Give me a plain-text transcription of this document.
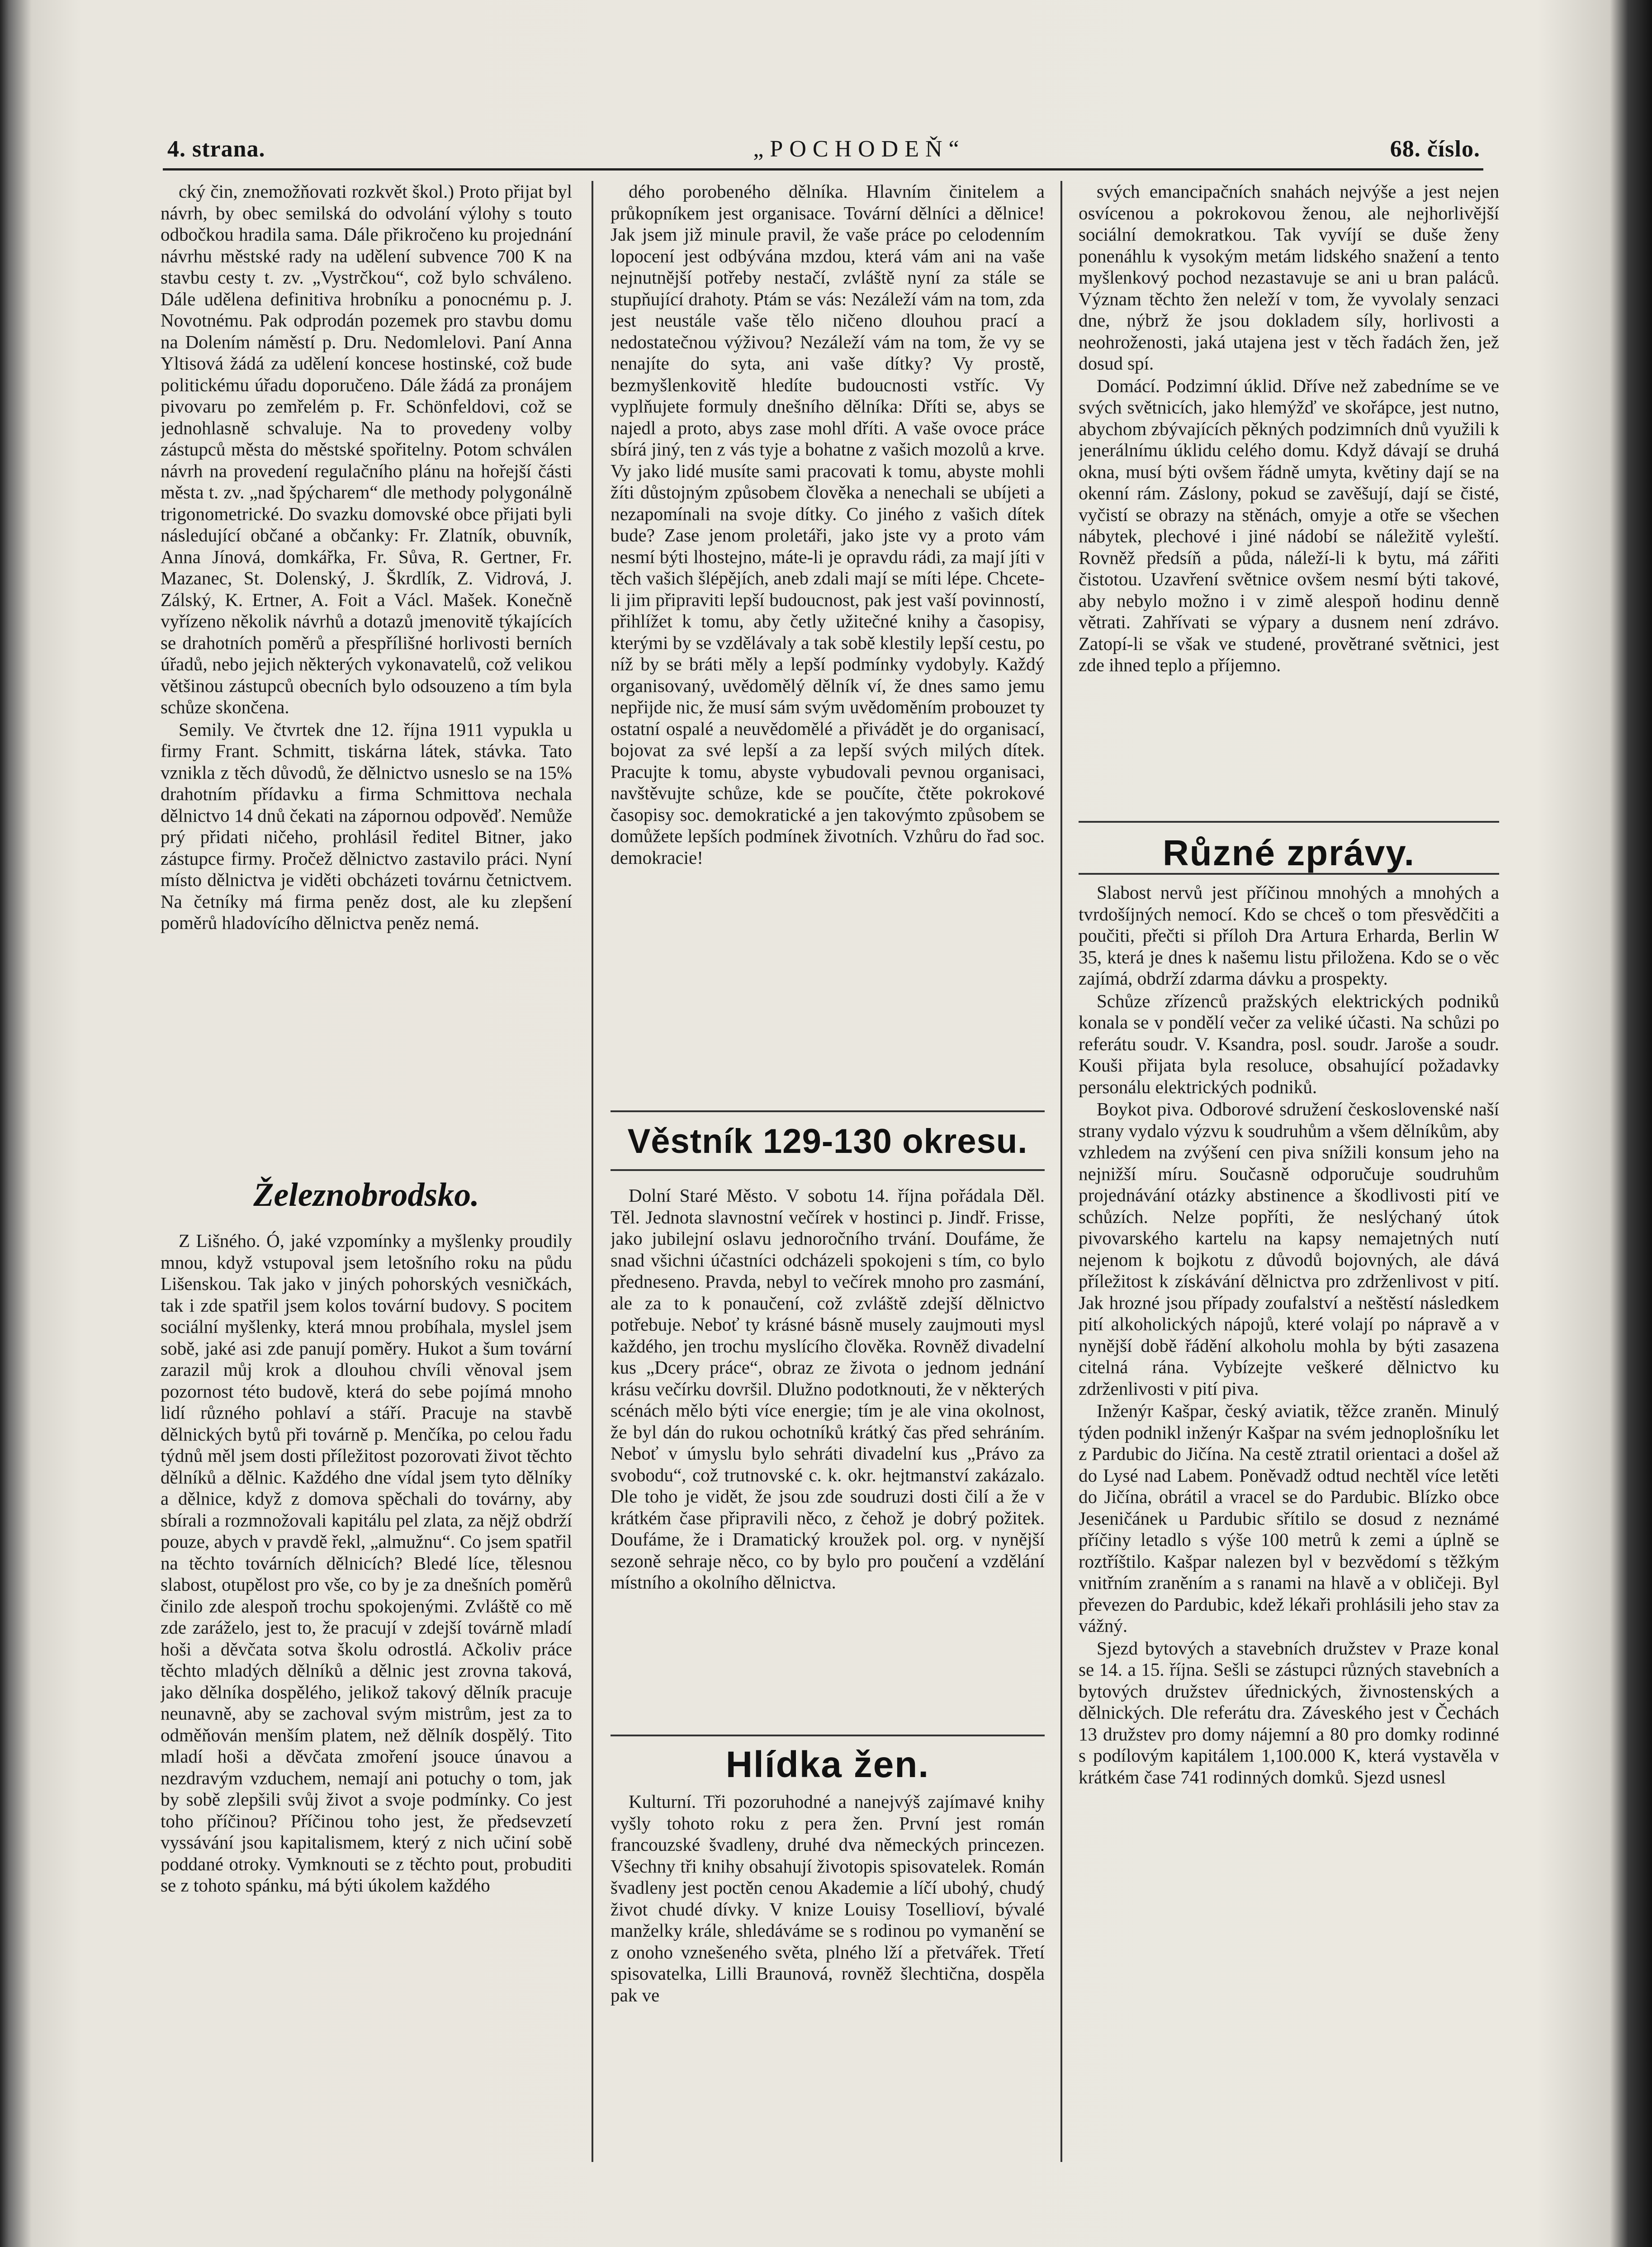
4. strana.	„POCHODEŇ“	68. číslo.

cký čin, znemožňovati rozkvět škol.) Proto přijat byl návrh, by obec semilská do odvolání výlohy s touto odbočkou hradila sama. Dále přikročeno ku projednání návrhu městské rady na udělení subvence 700 K na stavbu cesty t. zv. „Vystrčkou“, což bylo schváleno. Dále udělena definitiva hrobníku a ponocnému p. J. Novotnému. Pak odprodán pozemek pro stavbu domu na Dolením náměstí p. Dru. Nedomlelovi. Paní Anna Yltisová žádá za udělení koncese hostinské, což bude politickému úřadu doporučeno. Dále žádá za pronájem pivovaru po zemřelém p. Fr. Schönfeldovi, což se jednohlasně schvaluje. Na to provedeny volby zástupců města do městské spořitelny. Potom schválen návrh na provedení regulačního plánu na hořejší části města t. zv. „nad špýcharem“ dle methody polygonálně trigonometrické. Do svazku domovské obce přijati byli následující občané a občanky: Fr. Zlatník, obuvník, Anna Jínová, domkářka, Fr. Sůva, R. Gertner, Fr. Mazanec, St. Dolenský, J. Škrdlík, Z. Vidrová, J. Zálský, K. Ertner, A. Foit a Václ. Mašek. Konečně vyřízeno několik návrhů a dotazů jmenovitě týkajících se drahotních poměrů a přespřílišné horlivosti berních úřadů, nebo jejich některých vykonavatelů, což velikou většinou zástupců obecních bylo odsouzeno a tím byla schůze skončena.

Semily. Ve čtvrtek dne 12. října 1911 vypukla u firmy Frant. Schmitt, tiskárna látek, stávka. Tato vznikla z těch důvodů, že dělnictvo usneslo se na 15% drahotním přídavku a firma Schmittova nechala dělnictvo 14 dnů čekati na zápornou odpověď. Nemůže prý přidati ničeho, prohlásil ředitel Bitner, jako zástupce firmy. Pročež dělnictvo zastavilo práci. Nyní místo dělnictva je viděti obcházeti továrnu četnictvem. Na četníky má firma peněz dost, ale ku zlepšení poměrů hladovícího dělnictva peněz nemá.

Železnobrodsko.

Z Lišného. Ó, jaké vzpomínky a myšlenky proudily mnou, když vstupoval jsem letošního roku na půdu Lišenskou. Tak jako v jiných pohorských vesničkách, tak i zde spatřil jsem kolos tovární budovy. S pocitem sociální myšlenky, která mnou probíhala, myslel jsem sobě, jaké asi zde panují poměry. Hukot a šum tovární zarazil můj krok a dlouhou chvíli věnoval jsem pozornost této budově, která do sebe pojímá mnoho lidí různého pohlaví a stáří. Pracuje na stavbě dělnických bytů při továrně p. Menčíka, po celou řadu týdnů měl jsem dosti příležitost pozorovati život těchto dělníků a dělnic. Každého dne vídal jsem tyto dělníky a dělnice, když z domova spěchali do továrny, aby sbírali a rozmnožovali kapitálu pel zlata, za nějž obdrží pouze, abych v pravdě řekl, „almužnu“. Co jsem spatřil na těchto továrních dělnicích? Bledé líce, tělesnou slabost, otupělost pro vše, co by je za dnešních poměrů činilo zde alespoň trochu spokojenými. Zvláště co mě zde zaráželo, jest to, že pracují v zdejší továrně mladí hoši a děvčata sotva školu odrostlá. Ačkoliv práce těchto mladých dělníků a dělnic jest zrovna taková, jako dělníka dospělého, jelikož takový dělník pracuje neunavně, aby se zachoval svým mistrům, jest za to odměňován menším platem, než dělník dospělý. Tito mladí hoši a děvčata zmoření jsouce únavou a nezdravým vzduchem, nemají ani potuchy o tom, jak by sobě zlepšili svůj život a svoje podmínky. Co jest toho příčinou? Příčinou toho jest, že předsevzetí vyssávání jsou kapitalismem, který z nich učiní sobě poddané otroky. Vymknouti se z těchto pout, probuditi se z tohoto spánku, má býti úkolem každého

dého porobeného dělníka. Hlavním činitelem a průkopníkem jest organisace. Tovární dělníci a dělnice! Jak jsem již minule pravil, že vaše práce po celodenním lopocení jest odbývána mzdou, která vám ani na vaše nejnutnější potřeby nestačí, zvláště nyní za stále se stupňující drahoty. Ptám se vás: Nezáleží vám na tom, zda jest neustále vaše tělo ničeno dlouhou prací a nedostatečnou výživou? Nezáleží vám na tom, že vy se nenajíte do syta, ani vaše dítky? Vy prostě, bezmyšlenkovitě hledíte budoucnosti vstříc. Vy vyplňujete formuly dnešního dělníka: Dříti se, abys se najedl a proto, abys zase mohl dříti. A vaše ovoce práce sbírá jiný, ten z vás tyje a bohatne z vašich mozolů a krve. Vy jako lidé musíte sami pracovati k tomu, abyste mohli žíti důstojným způsobem člověka a nenechali se ubíjeti a nezapomínali na svoje dítky. Co jiného z vašich dítek bude? Zase jenom proletáři, jako jste vy a proto vám nesmí býti lhostejno, máte-li je opravdu rádi, za mají jíti v těch vašich šlépějích, aneb zdali mají se míti lépe. Chcete-li jim připraviti lepší budoucnost, pak jest vaší povinností, přihlížet k tomu, aby četly užitečné knihy a časopisy, kterými by se vzdělávaly a tak sobě klestily lepší cestu, po níž by se bráti měly a lepší podmínky vydobyly. Každý organisovaný, uvědomělý dělník ví, že dnes samo jemu nepřijde nic, že musí sám svým uvědoměním probouzet ty ostatní ospalé a neuvědomělé a přivádět je do organisací, bojovat za své lepší a za lepší svých milých dítek. Pracujte k tomu, abyste vybudovali pevnou organisaci, navštěvujte schůze, kde se poučíte, čtěte pokrokové časopisy soc. demokratické a jen takovýmto způsobem se domůžete lepších podmínek životních. Vzhůru do řad soc. demokracie!

Věstník 129-130 okresu.

Dolní Staré Město. V sobotu 14. října pořádala Děl. Těl. Jednota slavnostní večírek v hostinci p. Jindř. Frisse, jako jubilejní oslavu jednoročního trvání. Doufáme, že snad všichni účastníci odcházeli spokojeni s tím, co bylo předneseno. Pravda, nebyl to večírek mnoho pro zasmání, ale za to k ponaučení, což zvláště zdejší dělnictvo potřebuje. Neboť ty krásné básně musely zaujmouti mysl každého, jen trochu myslícího člověka. Rovněž divadelní kus „Dcery práce“, obraz ze života o jednom jednání krásu večírku dovršil. Dlužno podotknouti, že v některých scénách mělo býti více energie; tím je ale vina okolnost, že byl dán do rukou ochotníků krátký čas před sehráním. Neboť v úmyslu bylo sehráti divadelní kus „Právo za svobodu“, což trutnovské c. k. okr. hejtmanství zakázalo. Dle toho je vidět, že jsou zde soudruzi dosti čilí a že v krátkém čase připravili něco, z čehož je dobrý požitek. Doufáme, že i Dramatický kroužek pol. org. v nynější sezoně sehraje něco, co by bylo pro poučení a vzdělání místního a okolního dělnictva.

Hlídka žen.

Kulturní. Tři pozoruhodné a nanejvýš zajímavé knihy vyšly tohoto roku z pera žen. První jest román francouzské švadleny, druhé dva německých princezen. Všechny tři knihy obsahují životopis spisovatelek. Román švadleny jest poctěn cenou Akademie a líčí ubohý, chudý život chudé dívky. V knize Louisy Tosellioví, bývalé manželky krále, shledáváme se s rodinou po vymanění se z onoho vznešeného světa, plného lží a přetvářek. Třetí spisovatelka, Lilli Braunová, rovněž šlechtična, dospěla pak ve

svých emancipačních snahách nejvýše a jest nejen osvícenou a pokrokovou ženou, ale nejhorlivější sociální demokratkou. Tak vyvíjí se duše ženy ponenáhlu k vysokým metám lidského snažení a tento myšlenkový pochod nezastavuje se ani u bran paláců. Význam těchto žen neleží v tom, že vyvolaly senzaci dne, nýbrž že jsou dokladem síly, horlivosti a neohroženosti, jaká utajena jest v těch řadách žen, jež dosud spí.

Domácí. Podzimní úklid. Dříve než zabedníme se ve svých světnicích, jako hlemýžď ve skořápce, jest nutno, abychom zbývajících pěkných podzimních dnů využili k jenerálnímu úklidu celého domu. Když dávají se druhá okna, musí býti ovšem řádně umyta, květiny dají se na okenní rám. Záslony, pokud se zavěšují, dají se čisté, vyčistí se obrazy na stěnách, omyje a otře se všechen nábytek, plechové i jiné nádobí se náležitě vyleští. Rovněž předsíň a půda, náleží-li k bytu, má zářiti čistotou. Uzavření světnice ovšem nesmí býti takové, aby nebylo možno i v zimě alespoň hodinu denně větrati. Zahřívati se výpary a dusnem není zdrávo. Zatopí-li se však ve studené, provětrané světnici, jest zde ihned teplo a příjemno.

Různé zprávy.

Slabost nervů jest příčinou mnohých a mnohých a tvrdošíjných nemocí. Kdo se chceš o tom přesvědčiti a poučiti, přečti si příloh Dra Artura Erharda, Berlin W 35, která je dnes k našemu listu přiložena. Kdo se o věc zajímá, obdrží zdarma dávku a prospekty.

Schůze zřízenců pražských elektrických podniků konala se v pondělí večer za veliké účasti. Na schůzi po referátu soudr. V. Ksandra, posl. soudr. Jaroše a soudr. Kouši přijata byla resoluce, obsahující požadavky personálu elektrických podniků.

Boykot piva. Odborové sdružení československé naší strany vydalo výzvu k soudruhům a všem dělníkům, aby vzhledem na zvýšení cen piva snížili konsum jeho na nejnižší míru. Současně odporučuje soudruhům projednávání otázky abstinence a škodlivosti pití ve schůzích. Nelze popříti, že neslýchaný útok pivovarského kartelu na kapsy nemajetných nutí nejenom k bojkotu z důvodů bojovných, ale dává příležitost k získávání dělnictva pro zdrženlivost v pití. Jak hrozné jsou případy zoufalství a neštěstí následkem pití alkoholických nápojů, které volají po nápravě a v nynější době řádění alkoholu mohla by býti zasazena citelná rána. Vybízejte veškeré dělnictvo ku zdrženlivosti v pití piva.

Inženýr Kašpar, český aviatik, těžce zraněn. Minulý týden podnikl inženýr Kašpar na svém jednoplošníku let z Pardubic do Jičína. Na cestě ztratil orientaci a došel až do Lysé nad Labem. Poněvadž odtud nechtěl více letěti do Jičína, obrátil a vracel se do Pardubic. Blízko obce Jeseničánek u Pardubic sřítilo se dosud z neznámé příčiny letadlo s výše 100 metrů k zemi a úplně se roztříštilo. Kašpar nalezen byl v bezvědomí s těžkým vnitřním zraněním a s ranami na hlavě a v obličeji. Byl převezen do Pardubic, kdež lékaři prohlásili jeho stav za vážný.

Sjezd bytových a stavebních družstev v Praze konal se 14. a 15. října. Sešli se zástupci různých stavebních a bytových družstev úřednických, živnostenských a dělnických. Dle referátu dra. Záveského jest v Čechách 13 družstev pro domy nájemní a 80 pro domky rodinné s podílovým kapitálem 1,100.000 K, která vystavěla v krátkém čase 741 rodinných domků. Sjezd usnesl
